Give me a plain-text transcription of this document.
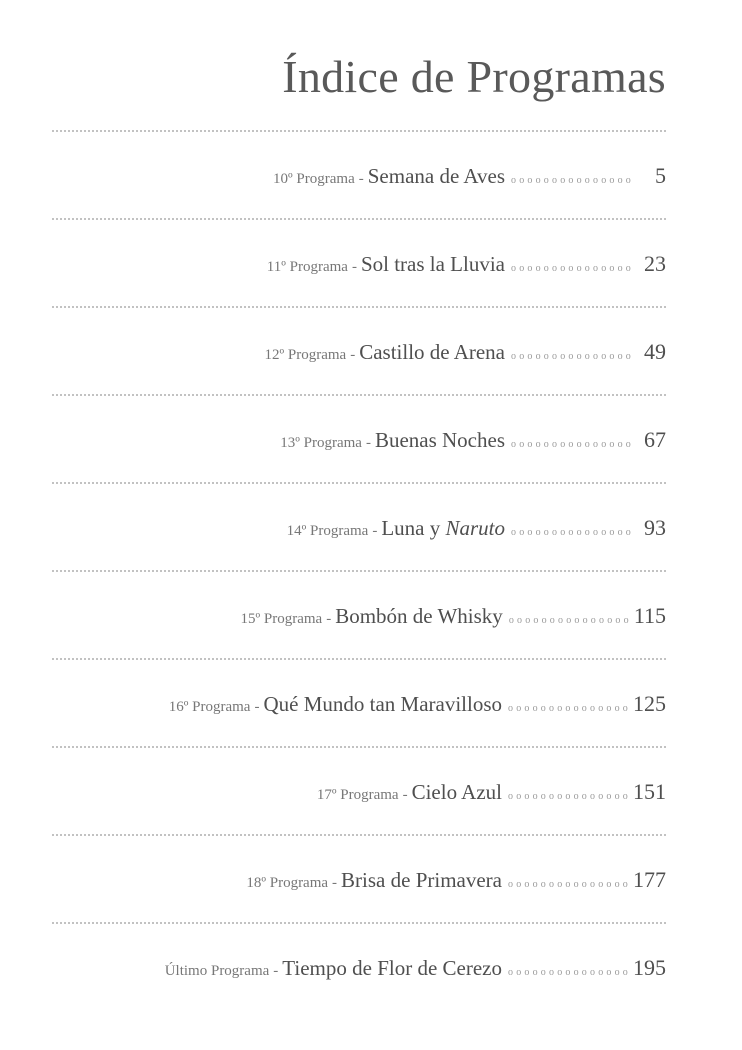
Índice de Programas
10º Programa - Semana de Aves ooooooooooooooo 5
11º Programa - Sol tras la Lluvia ooooooooooooooo 23
12º Programa - Castillo de Arena ooooooooooooooo 49
13º Programa - Buenas Noches ooooooooooooooo 67
14º Programa - Luna y Naruto ooooooooooooooo 93
15º Programa - Bombón de Whisky ooooooooooooooo 115
16º Programa - Qué Mundo tan Maravilloso ooooooooooooooo 125
17º Programa - Cielo Azul ooooooooooooooo 151
18º Programa - Brisa de Primavera ooooooooooooooo 177
Último Programa - Tiempo de Flor de Cerezo ooooooooooooooo 195
